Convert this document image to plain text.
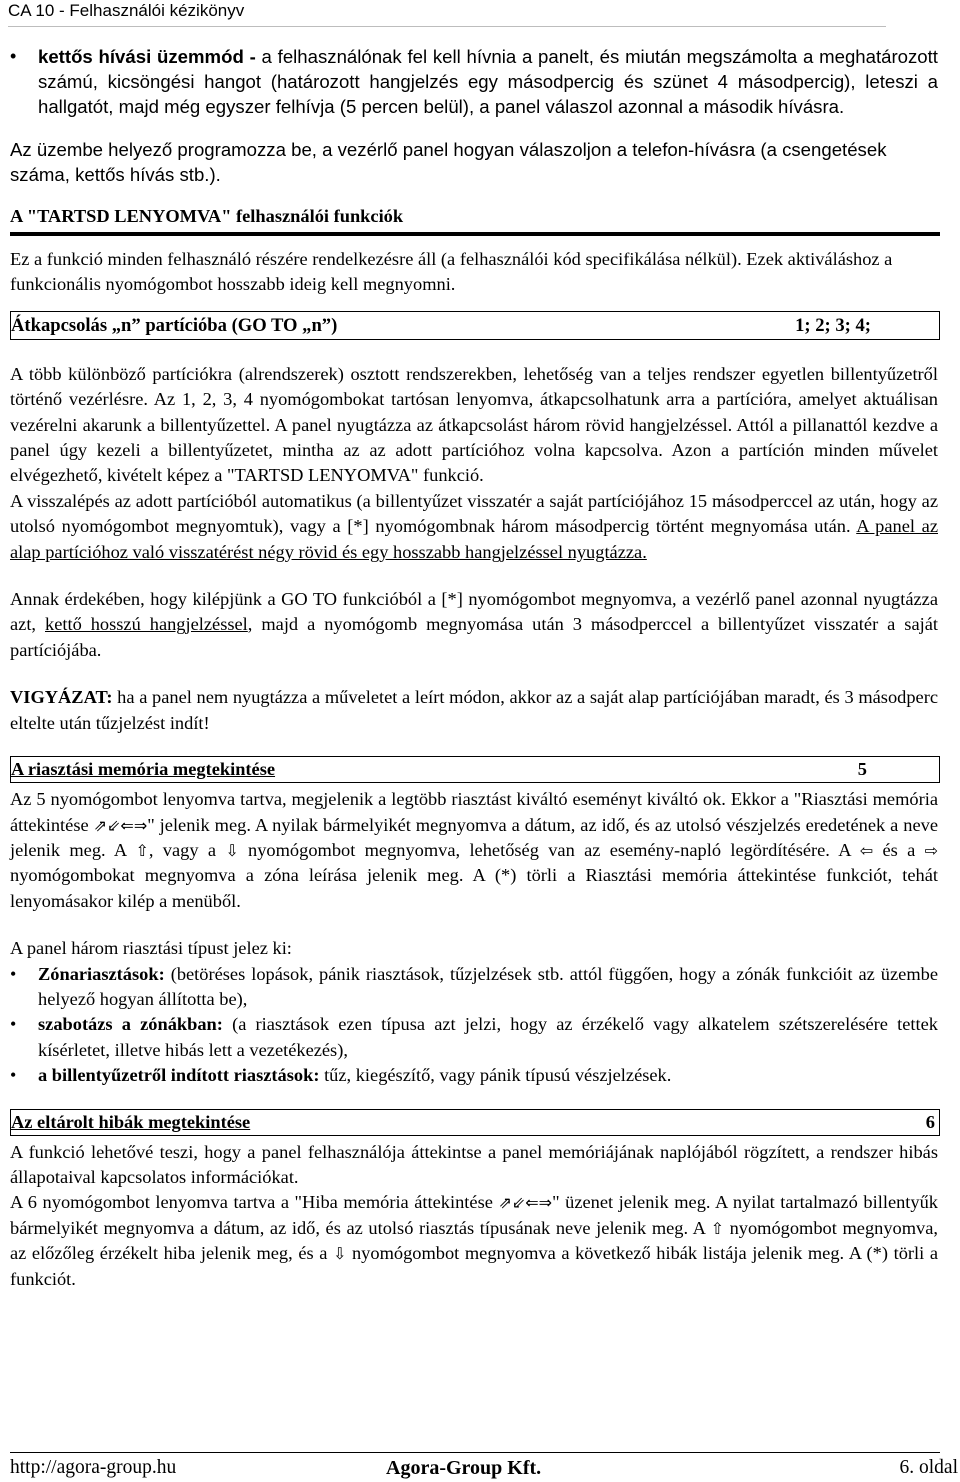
CA 10 - Felhasználói kézikönyv
•	kettős hívási üzemmód - a felhasználónak fel kell hívnia a panelt, és miután megszámolta a meghatározott számú, kicsöngési hangot (határozott hangjelzés egy másodpercig és szünet 4 másodpercig), leteszi a hallgatót, majd még egyszer felhívja (5 percen belül), a panel válaszol azonnal a második hívásra.

Az üzembe helyező programozza be, a vezérlő panel hogyan válaszoljon a telefon-hívásra (a csengetések száma, kettős hívás stb.).

A "TARTSD LENYOMVA" felhasználói funkciók

Ez a funkció minden felhasználó részére rendelkezésre áll (a felhasználói kód specifikálása nélkül). Ezek aktiváláshoz a funkcionális nyomógombot hosszabb ideig kell megnyomni.

Átkapcsolás „n” partícióba (GO TO „n”)	1; 2; 3; 4;

A több különböző partíciókra (alrendszerek) osztott rendszerekben, lehetőség van a teljes rendszer egyetlen billentyűzetről történő vezérlésre. Az 1, 2, 3, 4 nyomógombokat tartósan lenyomva, átkapcsolhatunk arra a partícióra, amelyet aktuálisan vezérelni akarunk a billentyűzettel. A panel nyugtázza az átkapcsolást három rövid hangjelzéssel. Attól a pillanattól kezdve a panel úgy kezeli a billentyűzetet, mintha az az adott partícióhoz volna kapcsolva. Azon a partíción minden művelet elvégezhető, kivételt képez a "TARTSD LENYOMVA" funkció.

A visszalépés az adott partícióból automatikus (a billentyűzet visszatér a saját partíciójához 15 másodperccel az után, hogy az utolsó nyomógombot megnyomtuk), vagy a [*] nyomógombnak három másodpercig történt megnyomása után. A panel az alap partícióhoz való visszatérést négy rövid és egy hosszabb hangjelzéssel nyugtázza.

Annak érdekében, hogy kilépjünk a GO TO funkcióból a [*] nyomógombot megnyomva, a vezérlő panel azonnal nyugtázza azt, kettő hosszú hangjelzéssel, majd a nyomógomb megnyomása után 3 másodperccel a billentyűzet visszatér a saját partíciójába.

VIGYÁZAT: ha a panel nem nyugtázza a műveletet a leírt módon, akkor az a saját alap partíciójában maradt, és 3 másodperc eltelte után tűzjelzést indít!

A riasztási memória megtekintése	5

Az 5 nyomógombot lenyomva tartva, megjelenik a legtöbb riasztást kiváltó eseményt kiváltó ok. Ekkor a "Riasztási memória áttekintése ⇗⇙⇐⇒" jelenik meg. A nyilak bármelyikét megnyomva a dátum, az idő, és az utolsó vészjelzés eredetének a neve jelenik meg. A ⇧, vagy a ⇩ nyomógombot megnyomva, lehetőség van az esemény-napló legördítésére. A ⇦ és a ⇨ nyomógombokat megnyomva a zóna leírása jelenik meg. A (*) törli a Riasztási memória áttekintése funkciót, tehát lenyomásakor kilép a menüből.

A panel három riasztási típust jelez ki:

•	Zónariasztások: (betöréses lopások, pánik riasztások, tűzjelzések stb. attól függően, hogy a zónák funkcióit az üzembe helyező hogyan állította be),
•	szabotázs a zónákban: (a riasztások ezen típusa azt jelzi, hogy az érzékelő vagy alkatelem szétszerelésére tettek kísérletet, illetve hibás lett a vezetékezés),
•	a billentyűzetről indított riasztások: tűz, kiegészítő, vagy pánik típusú vészjelzések.
Az eltárolt hibák megtekintése	6

A funkció lehetővé teszi, hogy a panel felhasználója áttekintse a panel memóriájának naplójából rögzített, a rendszer hibás állapotaival kapcsolatos információkat.

A 6 nyomógombot lenyomva tartva a "Hiba memória áttekintése ⇗⇙⇐⇒" üzenet jelenik meg. A nyilat tartalmazó billentyűk bármelyikét megnyomva a dátum, az idő, és az utolsó riasztás típusának neve jelenik meg. A ⇧ nyomógombot megnyomva, az előzőleg érzékelt hiba jelenik meg, és a ⇩ nyomógombot megnyomva a következő hibák listája jelenik meg. A (*) törli a funkciót.

http://agora-group.hu	Agora-Group Kft.	6. oldal
